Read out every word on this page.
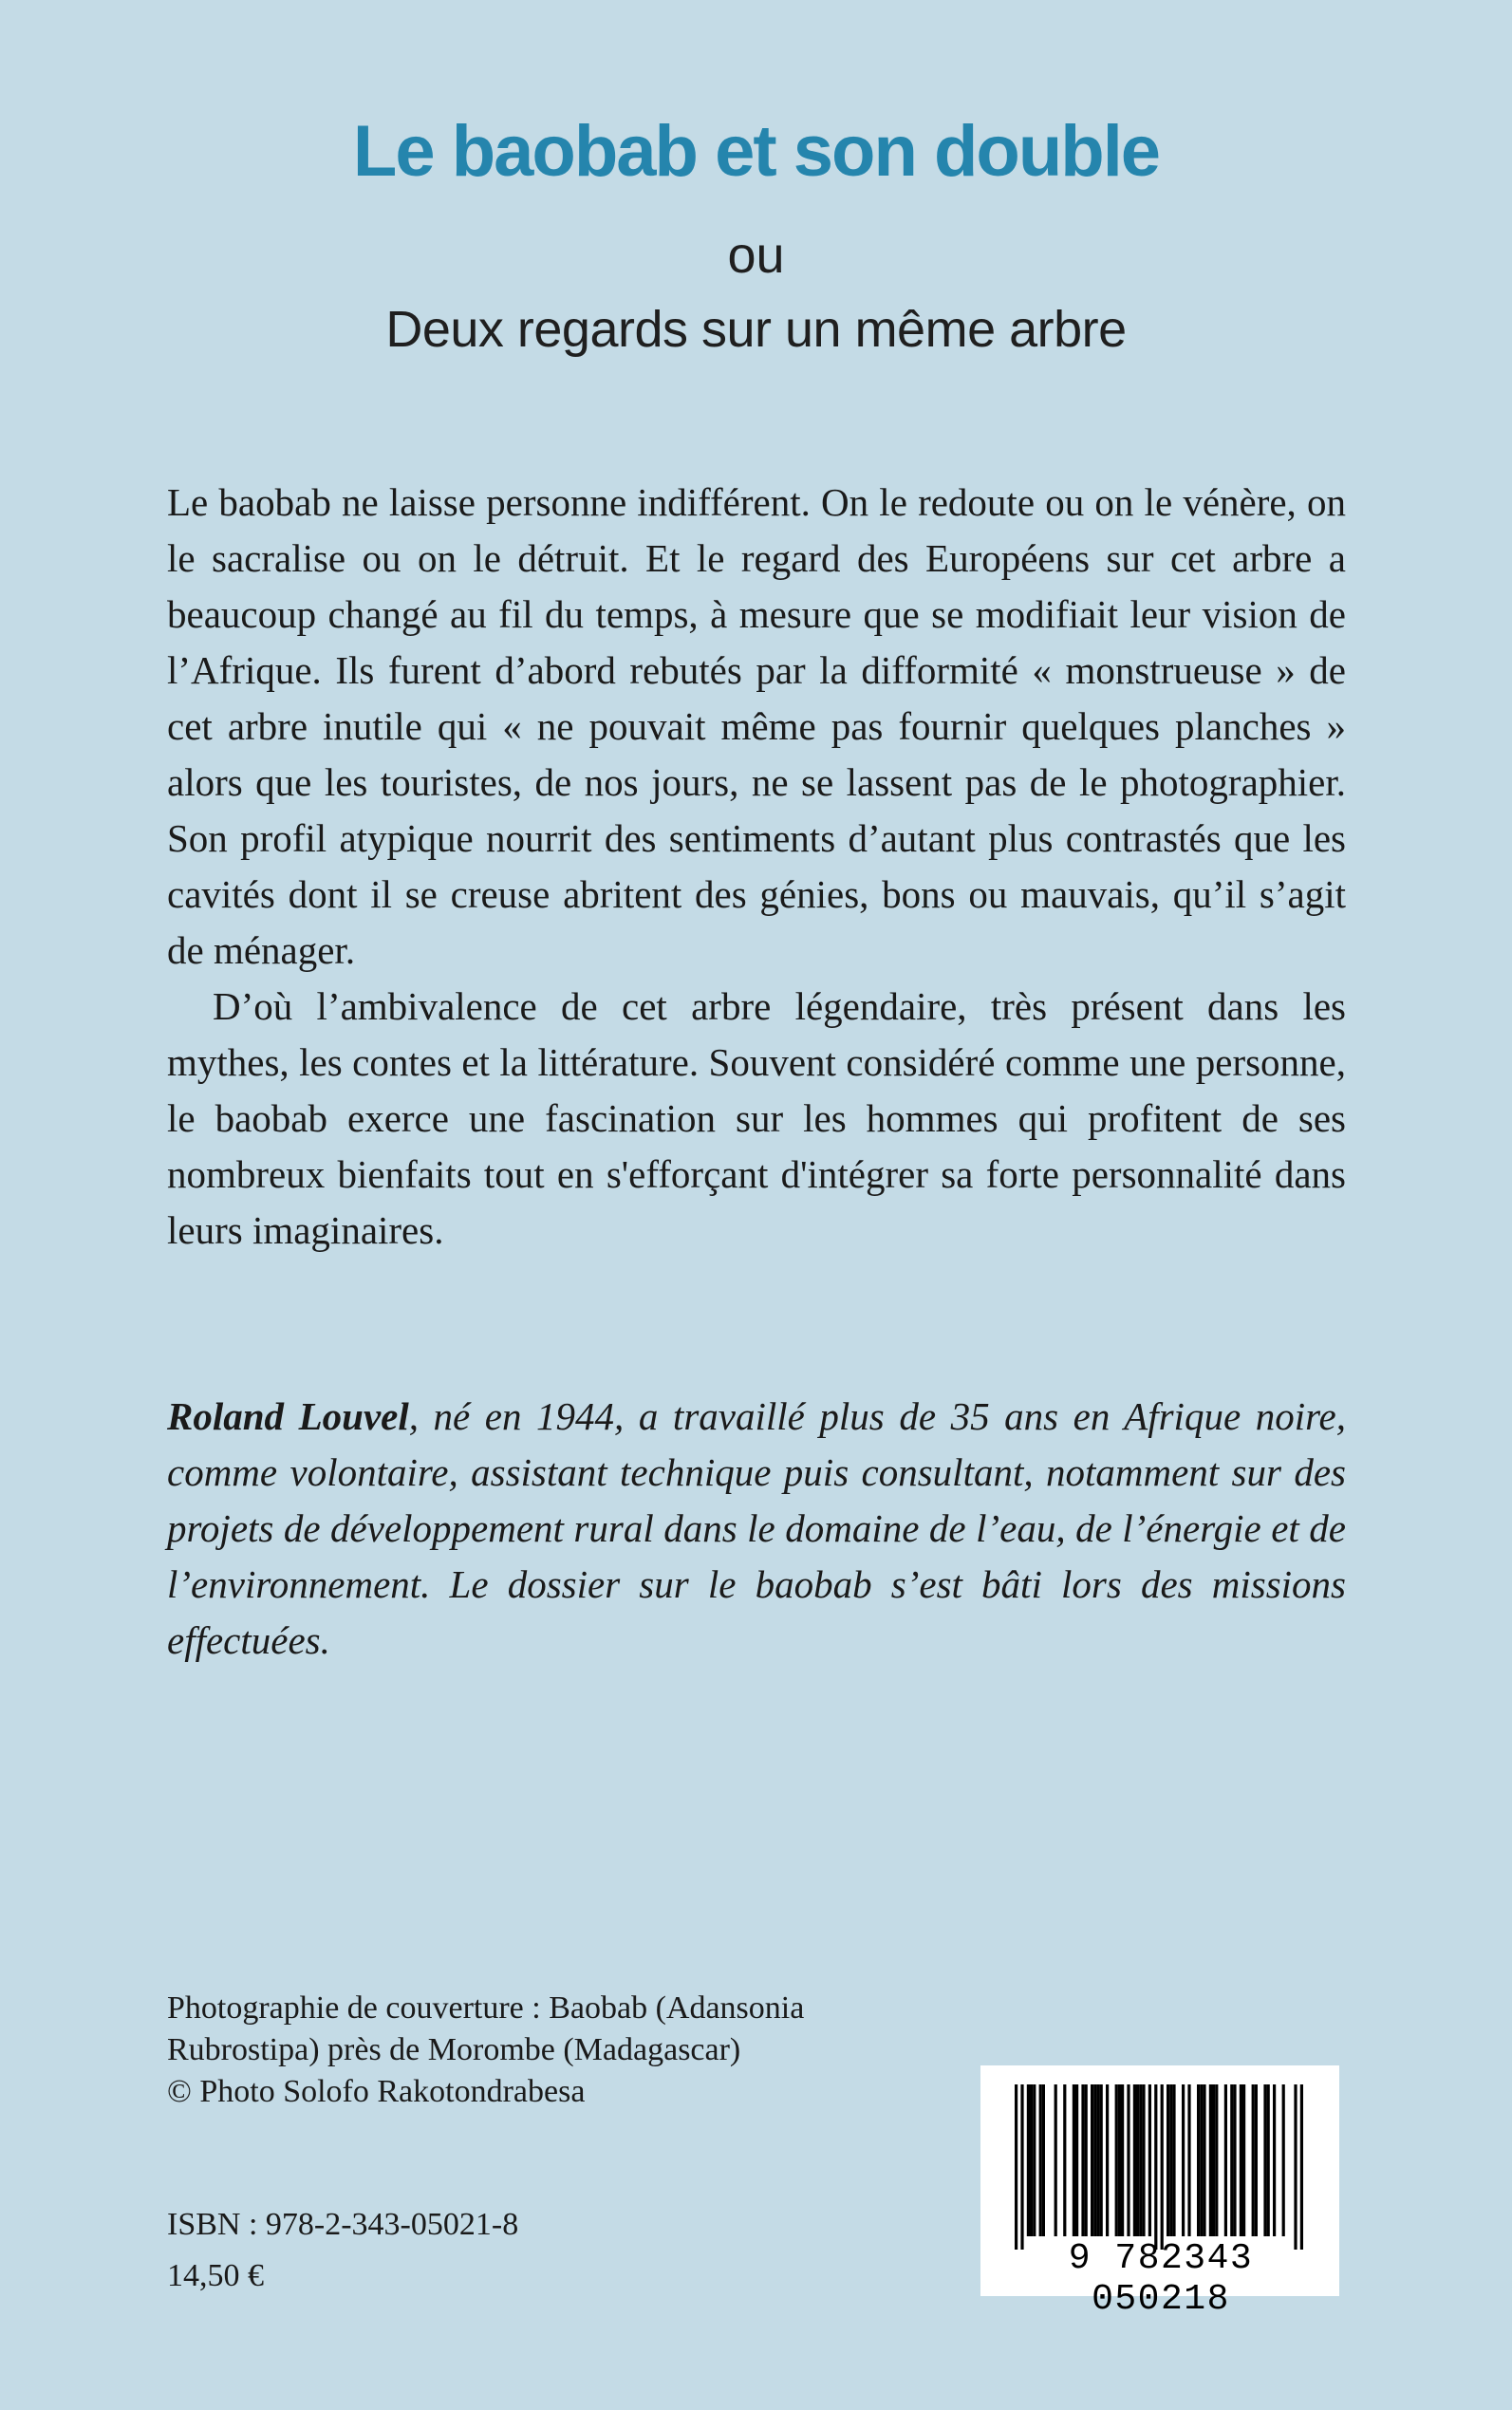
Le baobab et son double
ou
Deux regards sur un même arbre

Le baobab ne laisse personne indifférent. On le redoute ou on le vénère, on le sacralise ou on le détruit. Et le regard des Européens sur cet arbre a beaucoup changé au fil du temps, à mesure que se modifiait leur vision de l’Afrique. Ils furent d’abord rebutés par la difformité « monstrueuse » de cet arbre inutile qui « ne pouvait même pas fournir quelques planches » alors que les touristes, de nos jours, ne se lassent pas de le photographier. Son profil atypique nourrit des sentiments d’autant plus contrastés que les cavités dont il se creuse abritent des génies, bons ou mauvais, qu’il s’agit de ménager.

D’où l’ambivalence de cet arbre légendaire, très présent dans les mythes, les contes et la littérature. Souvent considéré comme une personne, le baobab exerce une fascination sur les hommes qui profitent de ses nombreux bienfaits tout en s'efforçant d'intégrer sa forte personnalité dans leurs imaginaires.

Roland Louvel, né en 1944, a travaillé plus de 35 ans en Afrique noire, comme volontaire, assistant technique puis consultant, notamment sur des projets de développement rural dans le domaine de l’eau, de l’énergie et de l’environnement. Le dossier sur le baobab s’est bâti lors des missions effectuées.

Photographie de couverture : Baobab (Adansonia
Rubrostipa) près de Morombe (Madagascar)
© Photo Solofo Rakotondrabesa
ISBN : 978-2-343-05021-8
14,50 €	9 782343 050218
